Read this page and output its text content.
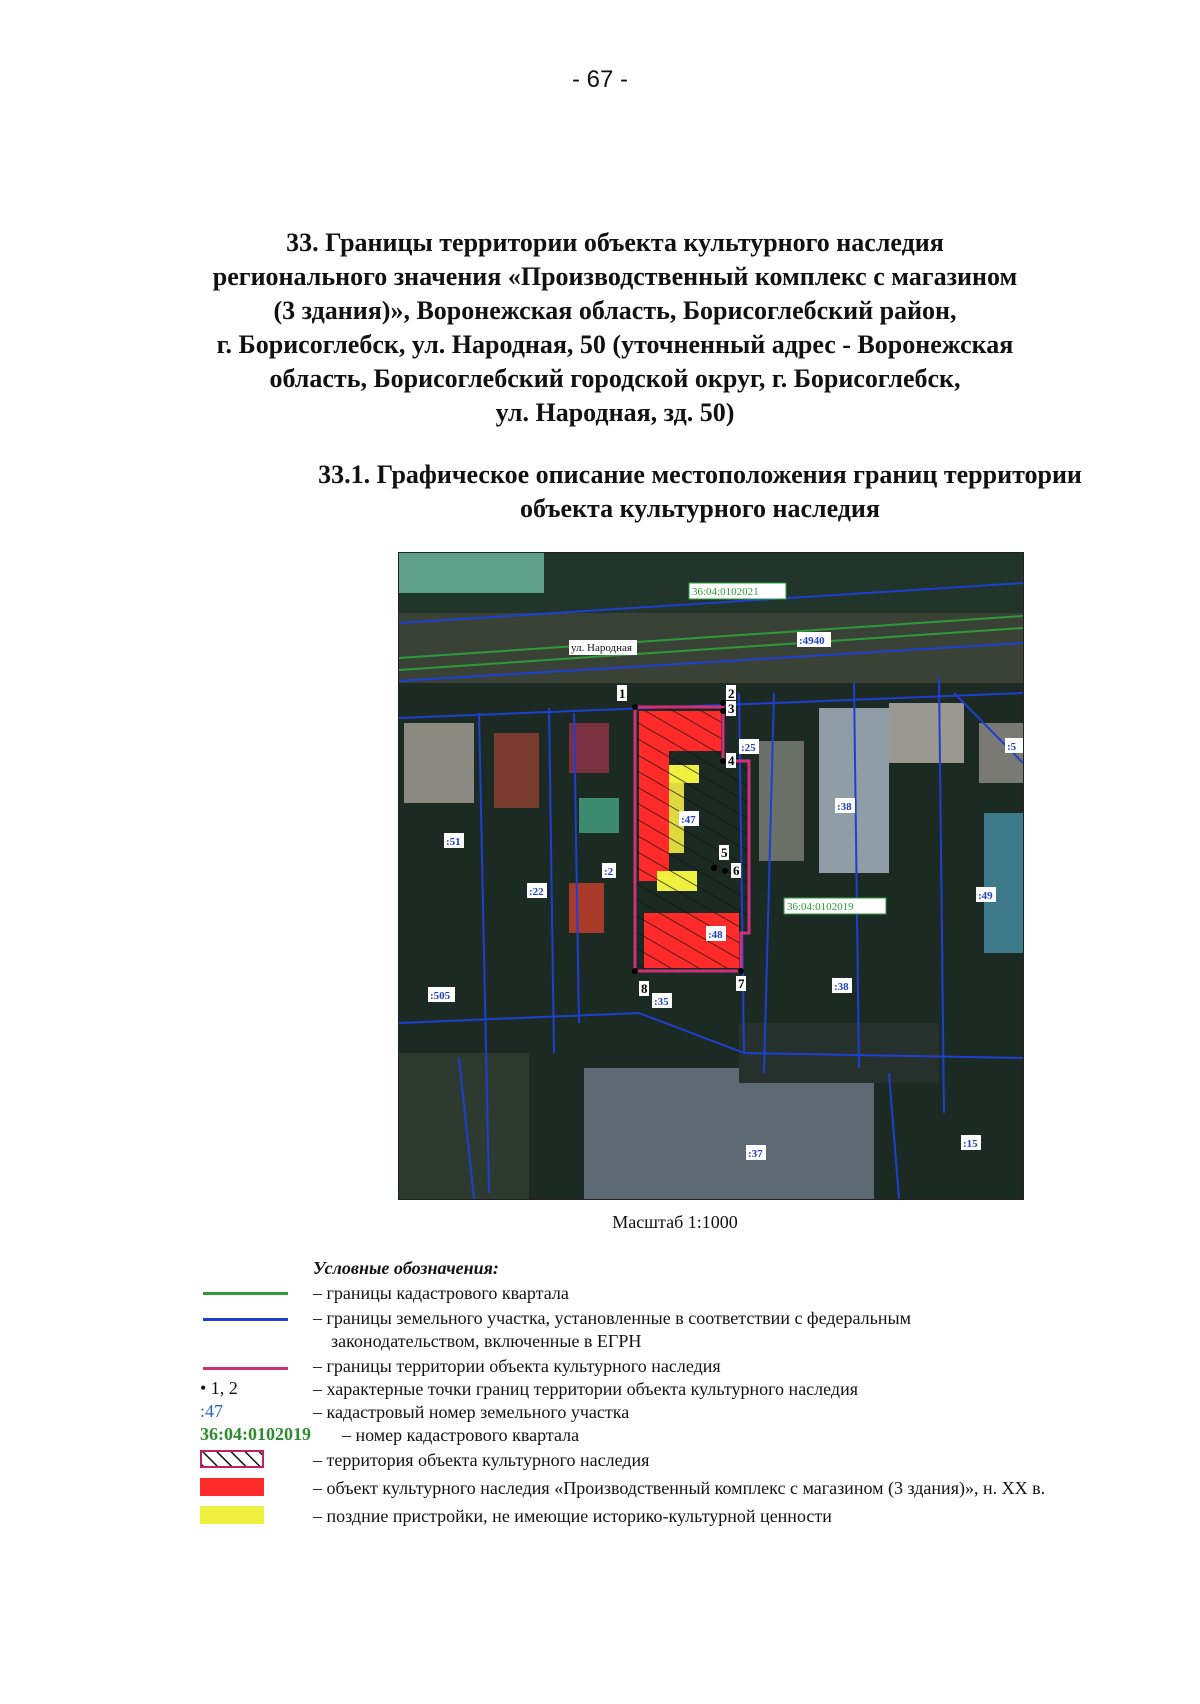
- 67 -
33. Границы территории объекта культурного наследия
регионального значения «Производственный комплекс с магазином
(3 здания)», Воронежская область, Борисоглебский район,
г. Борисоглебск, ул. Народная, 50 (уточненный адрес - Воронежская
область, Борисоглебский городской округ, г. Борисоглебск,
ул. Народная, зд. 50)
33.1. Графическое описание местоположения границ территории
объекта культурного наследия
1	2
3
4
5
6
7
8
36:04:0102021
36:04:0102019
ул. Народная
:4940
:25
:47
:38
:51
:22
:2
:49
:48
:505	:35
:38
:37
:15
:5
Масштаб 1:1000
Условные обозначения:
• 1, 2
:47
36:04:0102019
– границы кадастрового квартала
– границы земельного участка, установленные в соответствии с федеральным
законодательством, включенные в ЕГРН
– границы территории объекта культурного наследия
– характерные точки границ территории объекта культурного наследия
– кадастровый номер земельного участка
– номер кадастрового квартала
– территория объекта культурного наследия
– объект культурного наследия «Производственный комплекс с магазином (3 здания)», н. XX в.
– поздние пристройки, не имеющие историко-культурной ценности
